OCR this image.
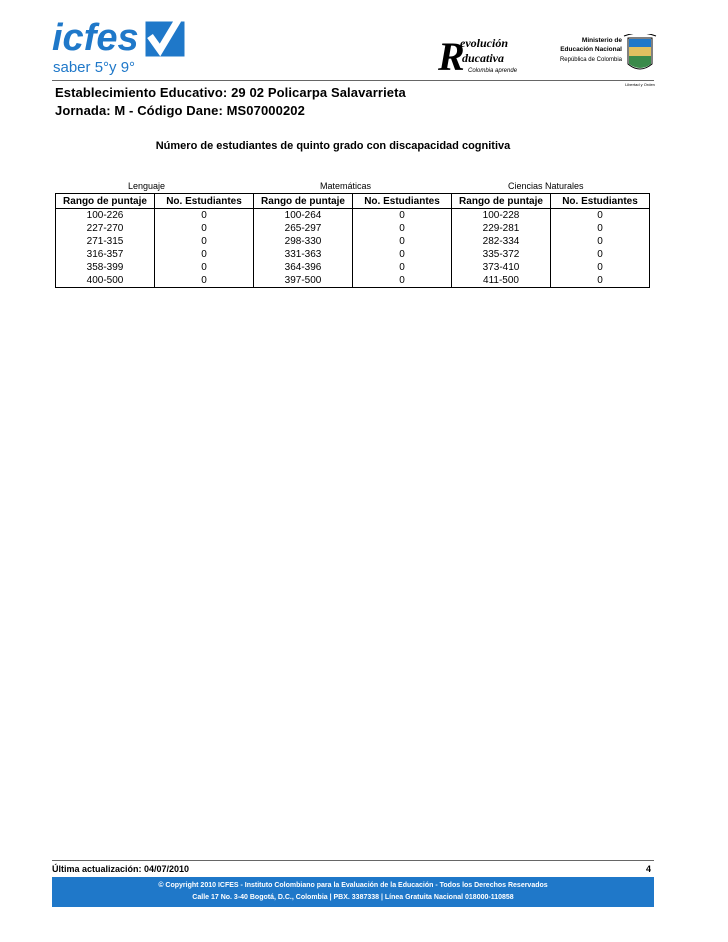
icfes
saber 5°y 9°	R
evolución
ducativa
Colombia aprende
Ministerio de
Educación Nacional
República de Colombia
Libertad y Orden
Establecimiento Educativo: 29 02 Policarpa Salavarrieta
Jornada: M - Código Dane: MS07000202
Número de estudiantes de quinto grado con discapacidad cognitiva
Lenguaje	Matemáticas	Ciencias Naturales
Rango de puntaje	No. Estudiantes	Rango de puntaje	No. Estudiantes	Rango de puntaje	No. Estudiantes
100-226	0	100-264	0	100-228	0
227-270	0	265-297	0	229-281	0
271-315	0	298-330	0	282-334	0
316-357	0	331-363	0	335-372	0
358-399	0	364-396	0	373-410	0
400-500	0	397-500	0	411-500	0
Última actualización: 04/07/2010	4
© Copyright 2010 ICFES - Instituto Colombiano para la Evaluación de la Educación - Todos los Derechos Reservados
Calle 17 No. 3-40 Bogotá, D.C., Colombia | PBX. 3387338 | Línea Gratuita Nacional 018000-110858
